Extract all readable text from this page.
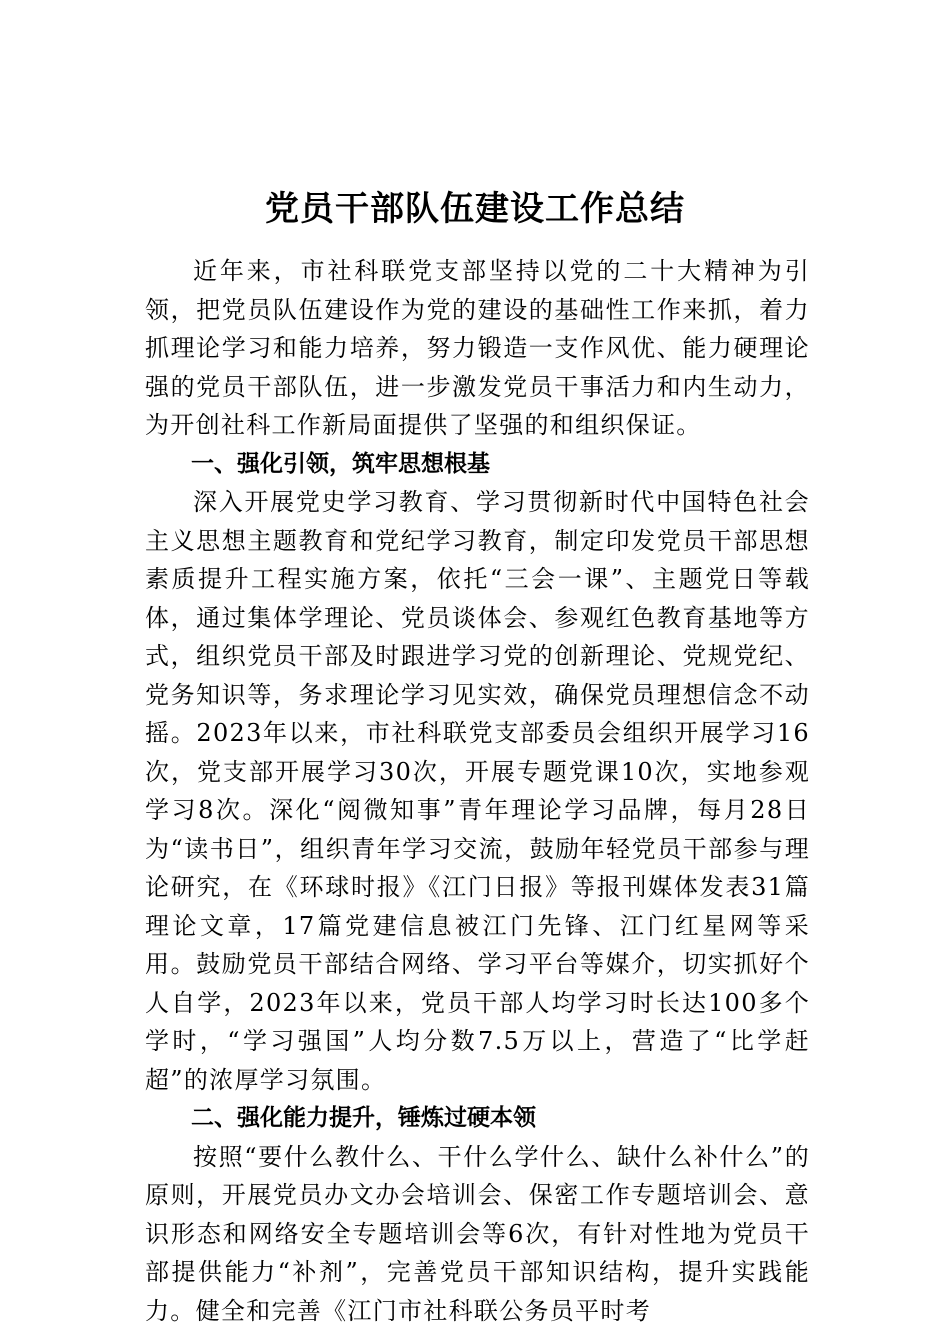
党员干部队伍建设工作总结

近年来，市社科联党支部坚持以党的二十大精神为引领，把党员队伍建设作为党的建设的基础性工作来抓，着力抓理论学习和能力培养，努力锻造一支作风优、能力硬理论强的党员干部队伍，进一步激发党员干事活力和内生动力，为开创社科工作新局面提供了坚强的和组织保证。

一、强化引领，筑牢思想根基

深入开展党史学习教育、学习贯彻新时代中国特色社会主义思想主题教育和党纪学习教育，制定印发党员干部思想素质提升工程实施方案，依托“三会一课”、主题党日等载体，通过集体学理论、党员谈体会、参观红色教育基地等方式，组织党员干部及时跟进学习党的创新理论、党规党纪、党务知识等，务求理论学习见实效，确保党员理想信念不动摇。2023年以来，市社科联党支部委员会组织开展学习16次，党支部开展学习30次，开展专题党课10次，实地参观学习8次。深化“阅微知事”青年理论学习品牌，每月28日为“读书日”，组织青年学习交流，鼓励年轻党员干部参与理论研究，在《环球时报》《江门日报》等报刊媒体发表31篇理论文章，17篇党建信息被江门先锋、江门红星网等采用。鼓励党员干部结合网络、学习平台等媒介，切实抓好个人自学，2023年以来，党员干部人均学习时长达100多个学时，“学习强国”人均分数7.5万以上，营造了“比学赶超”的浓厚学习氛围。

二、强化能力提升，锤炼过硬本领

按照“要什么教什么、干什么学什么、缺什么补什么”的原则，开展党员办文办会培训会、保密工作专题培训会、意识形态和网络安全专题培训会等6次，有针对性地为党员干部提供能力“补剂”，完善党员干部知识结构，提升实践能力。健全和完善《江门市社科联公务员平时考
